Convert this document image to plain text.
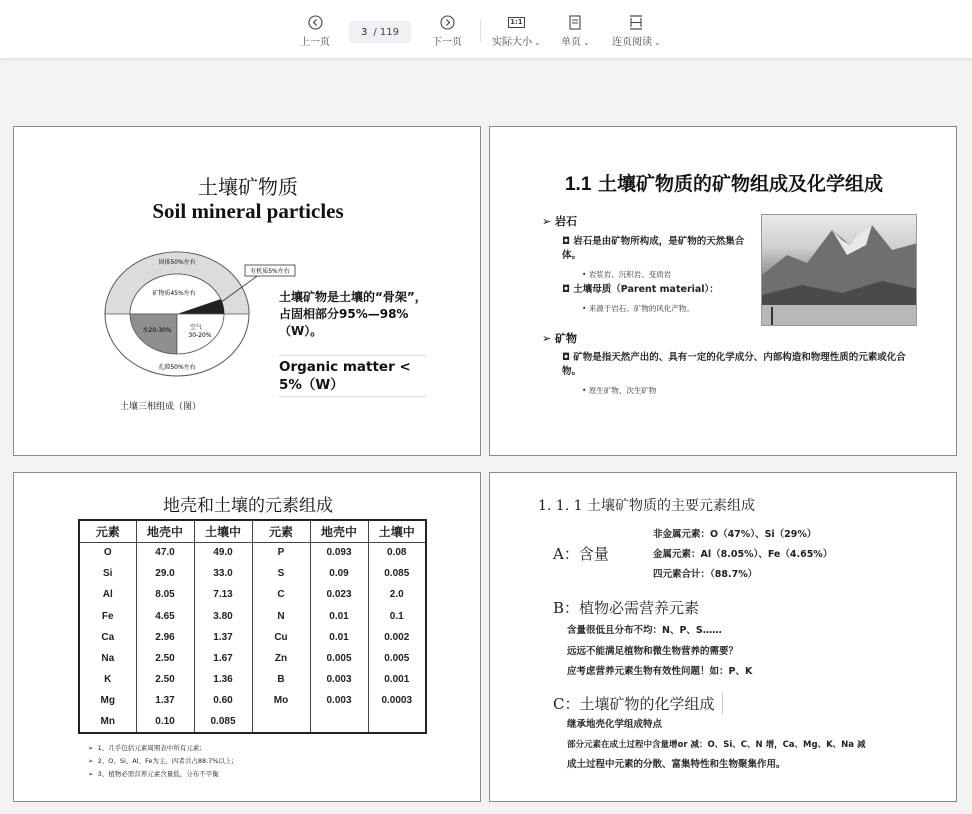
上一页
3 / 119
下一页
1:1
实际大小 ⌄ 单页 ⌄ 连页阅读 ⌄
土壤矿物质
Soil mineral particles
有机质5%左右
固体50%左右
矿物质45%左右
水20-30%	空气
30-20%
孔隙50%左右
土壤矿物是土壤的“骨架”，占固相部分95%—98%（W）。
Organic matter < 5%（W）
土壤三相组成（图）
1.1 土壤矿物质的矿物组成及化学组成
➢ 岩石
◘ 岩石是由矿物所构成，是矿物的天然集合体。
• 岩浆岩、沉积岩、变质岩
◘ 土壤母质（Parent material）：
• 来源于岩石、矿物的风化产物。
➢ 矿物
◘ 矿物是指天然产出的、具有一定的化学成分、内部构造和物理性质的元素或化合物。
• 原生矿物、次生矿物
地壳和土壤的元素组成
元素	地壳中	土壤中	元素	地壳中	土壤中
O	47.0	49.0	P	0.093	0.08
Si	29.0	33.0	S	0.09	0.085
Al	8.05	7.13	C	0.023	2.0
Fe	4.65	3.80	N	0.01	0.1
Ca	2.96	1.37	Cu	0.01	0.002
Na	2.50	1.67	Zn	0.005	0.005
K	2.50	1.36	B	0.003	0.001
Mg	1.37	0.60	Mo	0.003	0.0003
Mn	0.10	0.085			
➢  1、几乎包括元素周期表中所有元素;
➢  2、O、Si、Al、Fe为主，四者共占88.7%以上;
➢  3、植物必需营养元素含量低，分布不平衡
1. 1. 1 土壤矿物质的主要元素组成
A：含量
非金属元素：O（47%）、Si（29%）
金属元素：Al（8.05%）、Fe（4.65%）
四元素合计：（88.7%）
B：植物必需营养元素
含量很低且分布不均：N、P、S……
远远不能满足植物和微生物营养的需要？
应考虑营养元素生物有效性问题！如：P、K
C：土壤矿物的化学组成
继承地壳化学组成特点
部分元素在成土过程中含量增or 减：O、Si、C、N 增，Ca、Mg、K、Na 减
成土过程中元素的分散、富集特性和生物聚集作用。
